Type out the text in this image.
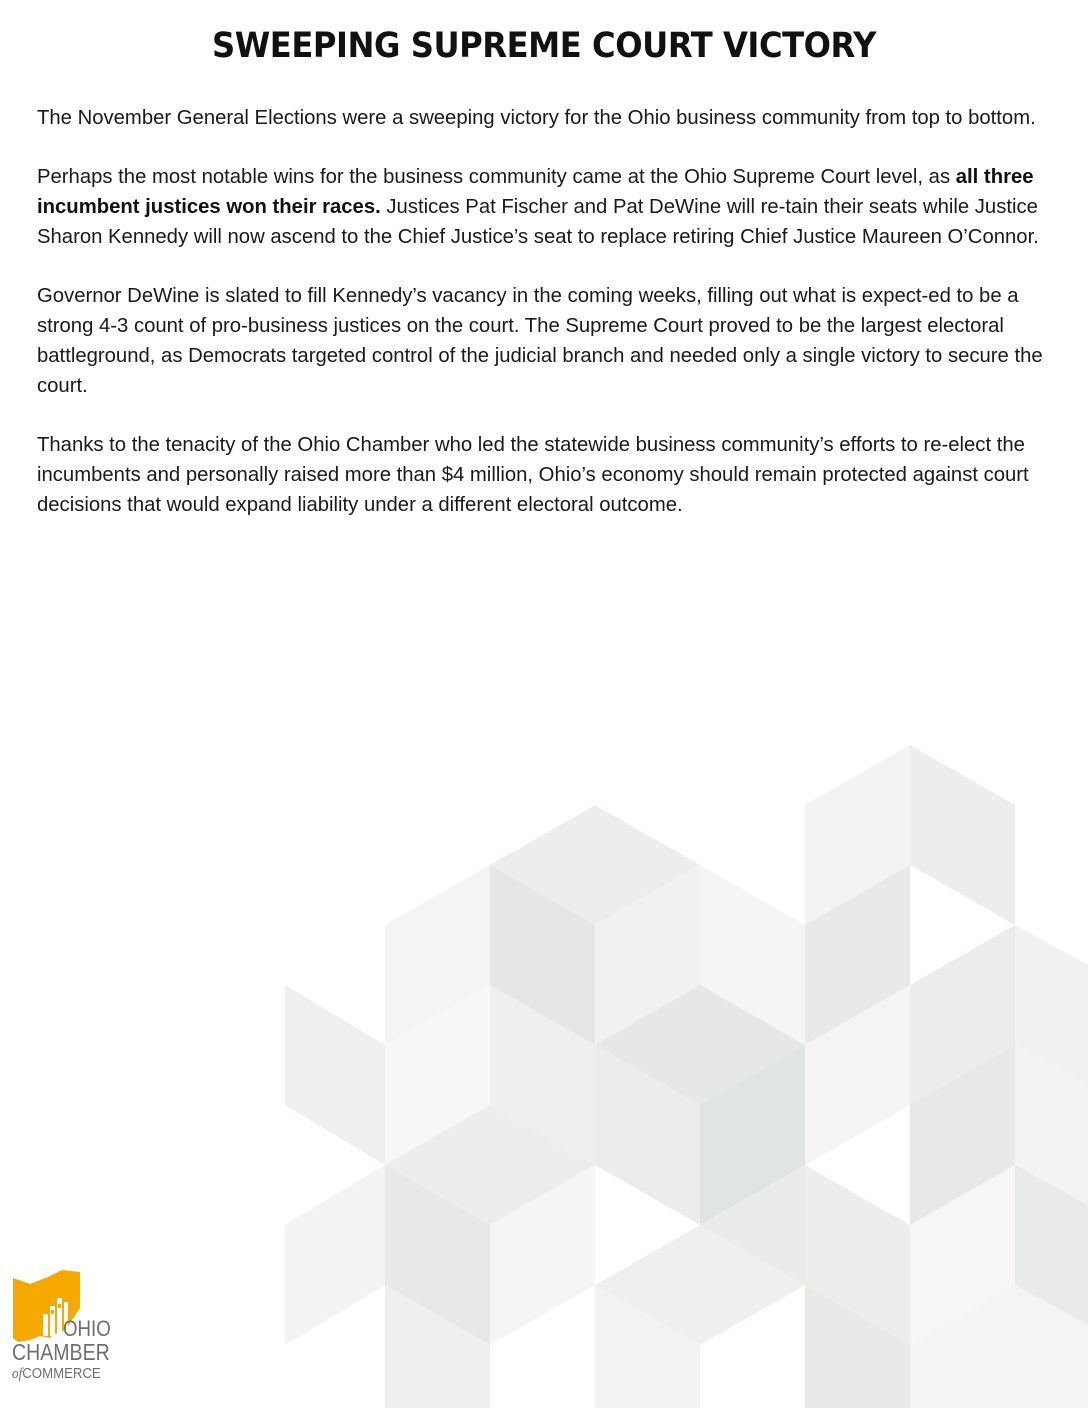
SWEEPING SUPREME COURT VICTORY

The November General Elections were a sweeping victory for the Ohio business community from top to bottom.

Perhaps the most notable wins for the business community came at the Ohio Supreme Court level, as all three incumbent justices won their races. Justices Pat Fischer and Pat DeWine will re-tain their seats while Justice Sharon Kennedy will now ascend to the Chief Justice’s seat to replace retiring Chief Justice Maureen O’Connor.

Governor DeWine is slated to fill Kennedy’s vacancy in the coming weeks, filling out what is expect-ed to be a strong 4-3 count of pro-business justices on the court. The Supreme Court proved to be the largest electoral battleground, as Democrats targeted control of the judicial branch and needed only a single victory to secure the court.

Thanks to the tenacity of the Ohio Chamber who led the statewide business community’s efforts to re-elect the incumbents and personally raised more than $4 million, Ohio’s economy should remain protected against court decisions that would expand liability under a different electoral outcome.

OHIO
CHAMBER
ofCOMMERCE
